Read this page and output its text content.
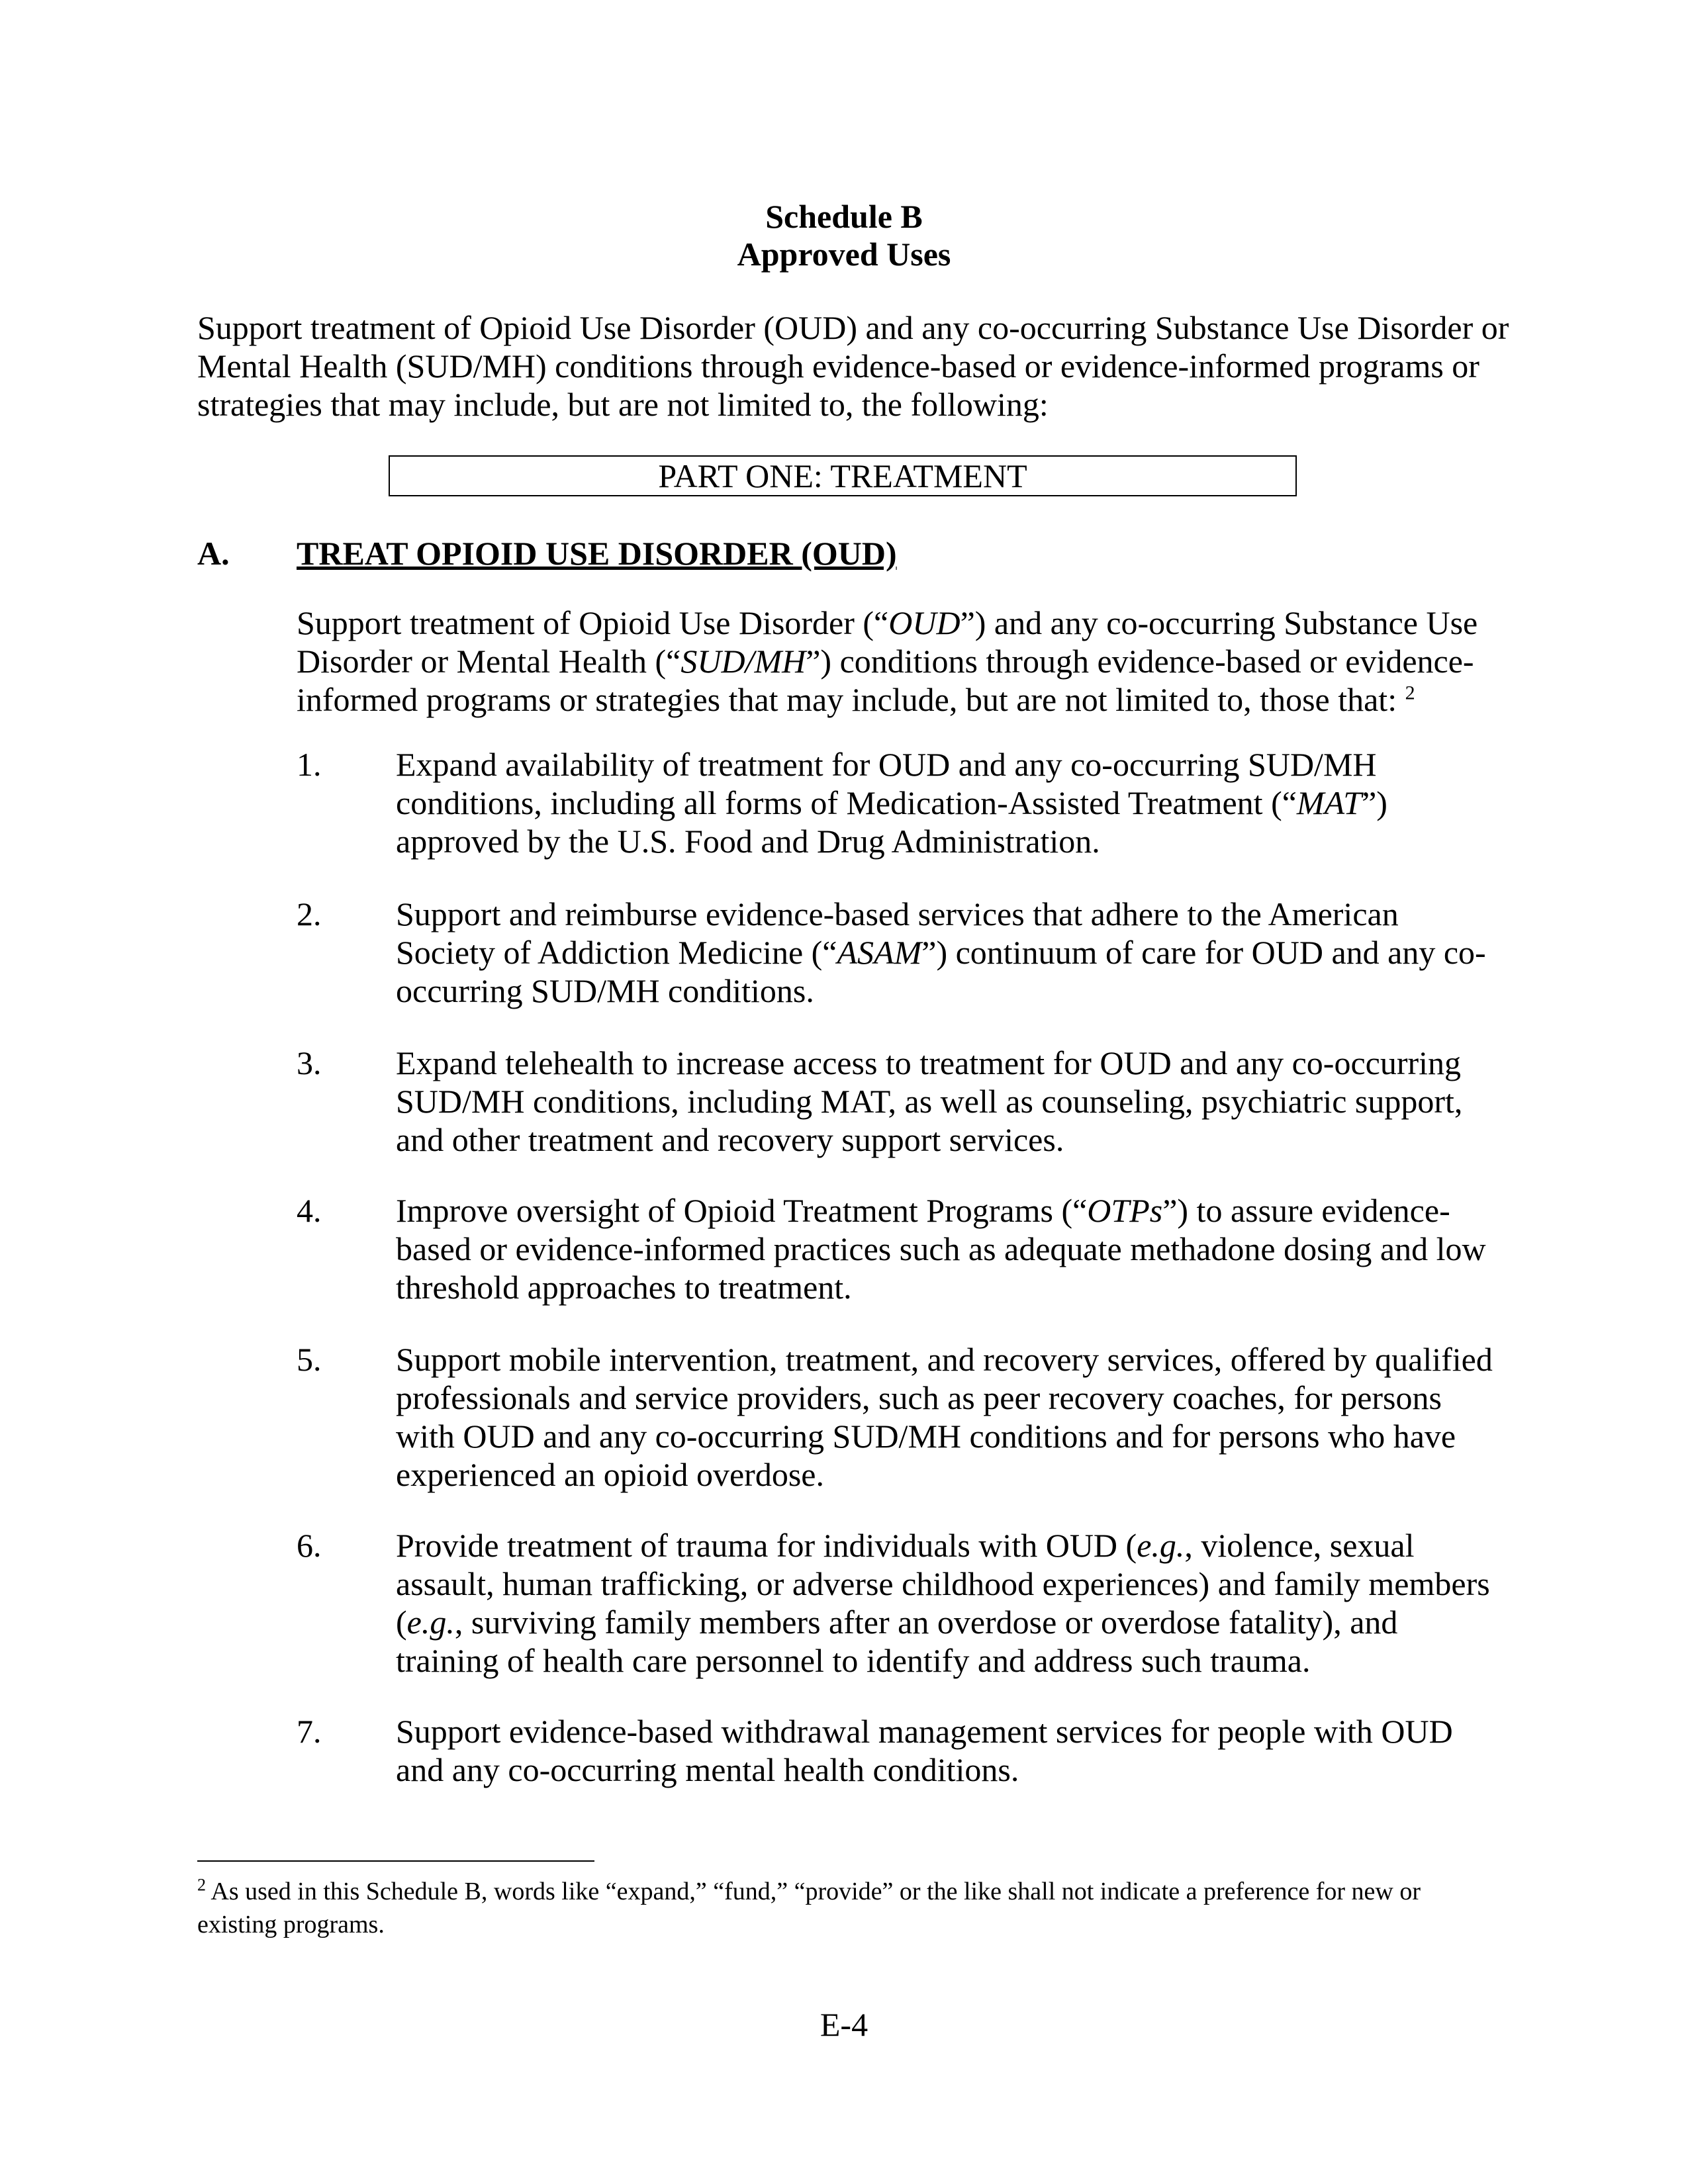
Schedule B
Approved Uses
Support treatment of Opioid Use Disorder (OUD) and any co-occurring Substance Use Disorder or Mental Health (SUD/MH) conditions through evidence-based or evidence-informed programs or strategies that may include, but are not limited to, the following:
PART ONE: TREATMENT
A. TREAT OPIOID USE DISORDER (OUD)
Support treatment of Opioid Use Disorder (“OUD”) and any co-occurring Substance Use Disorder or Mental Health (“SUD/MH”) conditions through evidence-based or evidence-informed programs or strategies that may include, but are not limited to, those that: $^2$
1. Expand availability of treatment for OUD and any co-occurring SUD/MH conditions, including all forms of Medication-Assisted Treatment (“MAT”) approved by the U.S. Food and Drug Administration.
2. Support and reimburse evidence-based services that adhere to the American Society of Addiction Medicine (“ASAM”) continuum of care for OUD and any co-occurring SUD/MH conditions.
3. Expand telehealth to increase access to treatment for OUD and any co-occurring SUD/MH conditions, including MAT, as well as counseling, psychiatric support, and other treatment and recovery support services.
4. Improve oversight of Opioid Treatment Programs (“OTPs”) to assure evidence-based or evidence-informed practices such as adequate methadone dosing and low threshold approaches to treatment.
5. Support mobile intervention, treatment, and recovery services, offered by qualified professionals and service providers, such as peer recovery coaches, for persons with OUD and any co-occurring SUD/MH conditions and for persons who have experienced an opioid overdose.
6. Provide treatment of trauma for individuals with OUD (e.g., violence, sexual assault, human trafficking, or adverse childhood experiences) and family members (e.g., surviving family members after an overdose or overdose fatality), and training of health care personnel to identify and address such trauma.
7. Support evidence-based withdrawal management services for people with OUD and any co-occurring mental health conditions.
$^2$ As used in this Schedule B, words like “expand,” “fund,” “provide” or the like shall not indicate a preference for new or existing programs.
E-4
